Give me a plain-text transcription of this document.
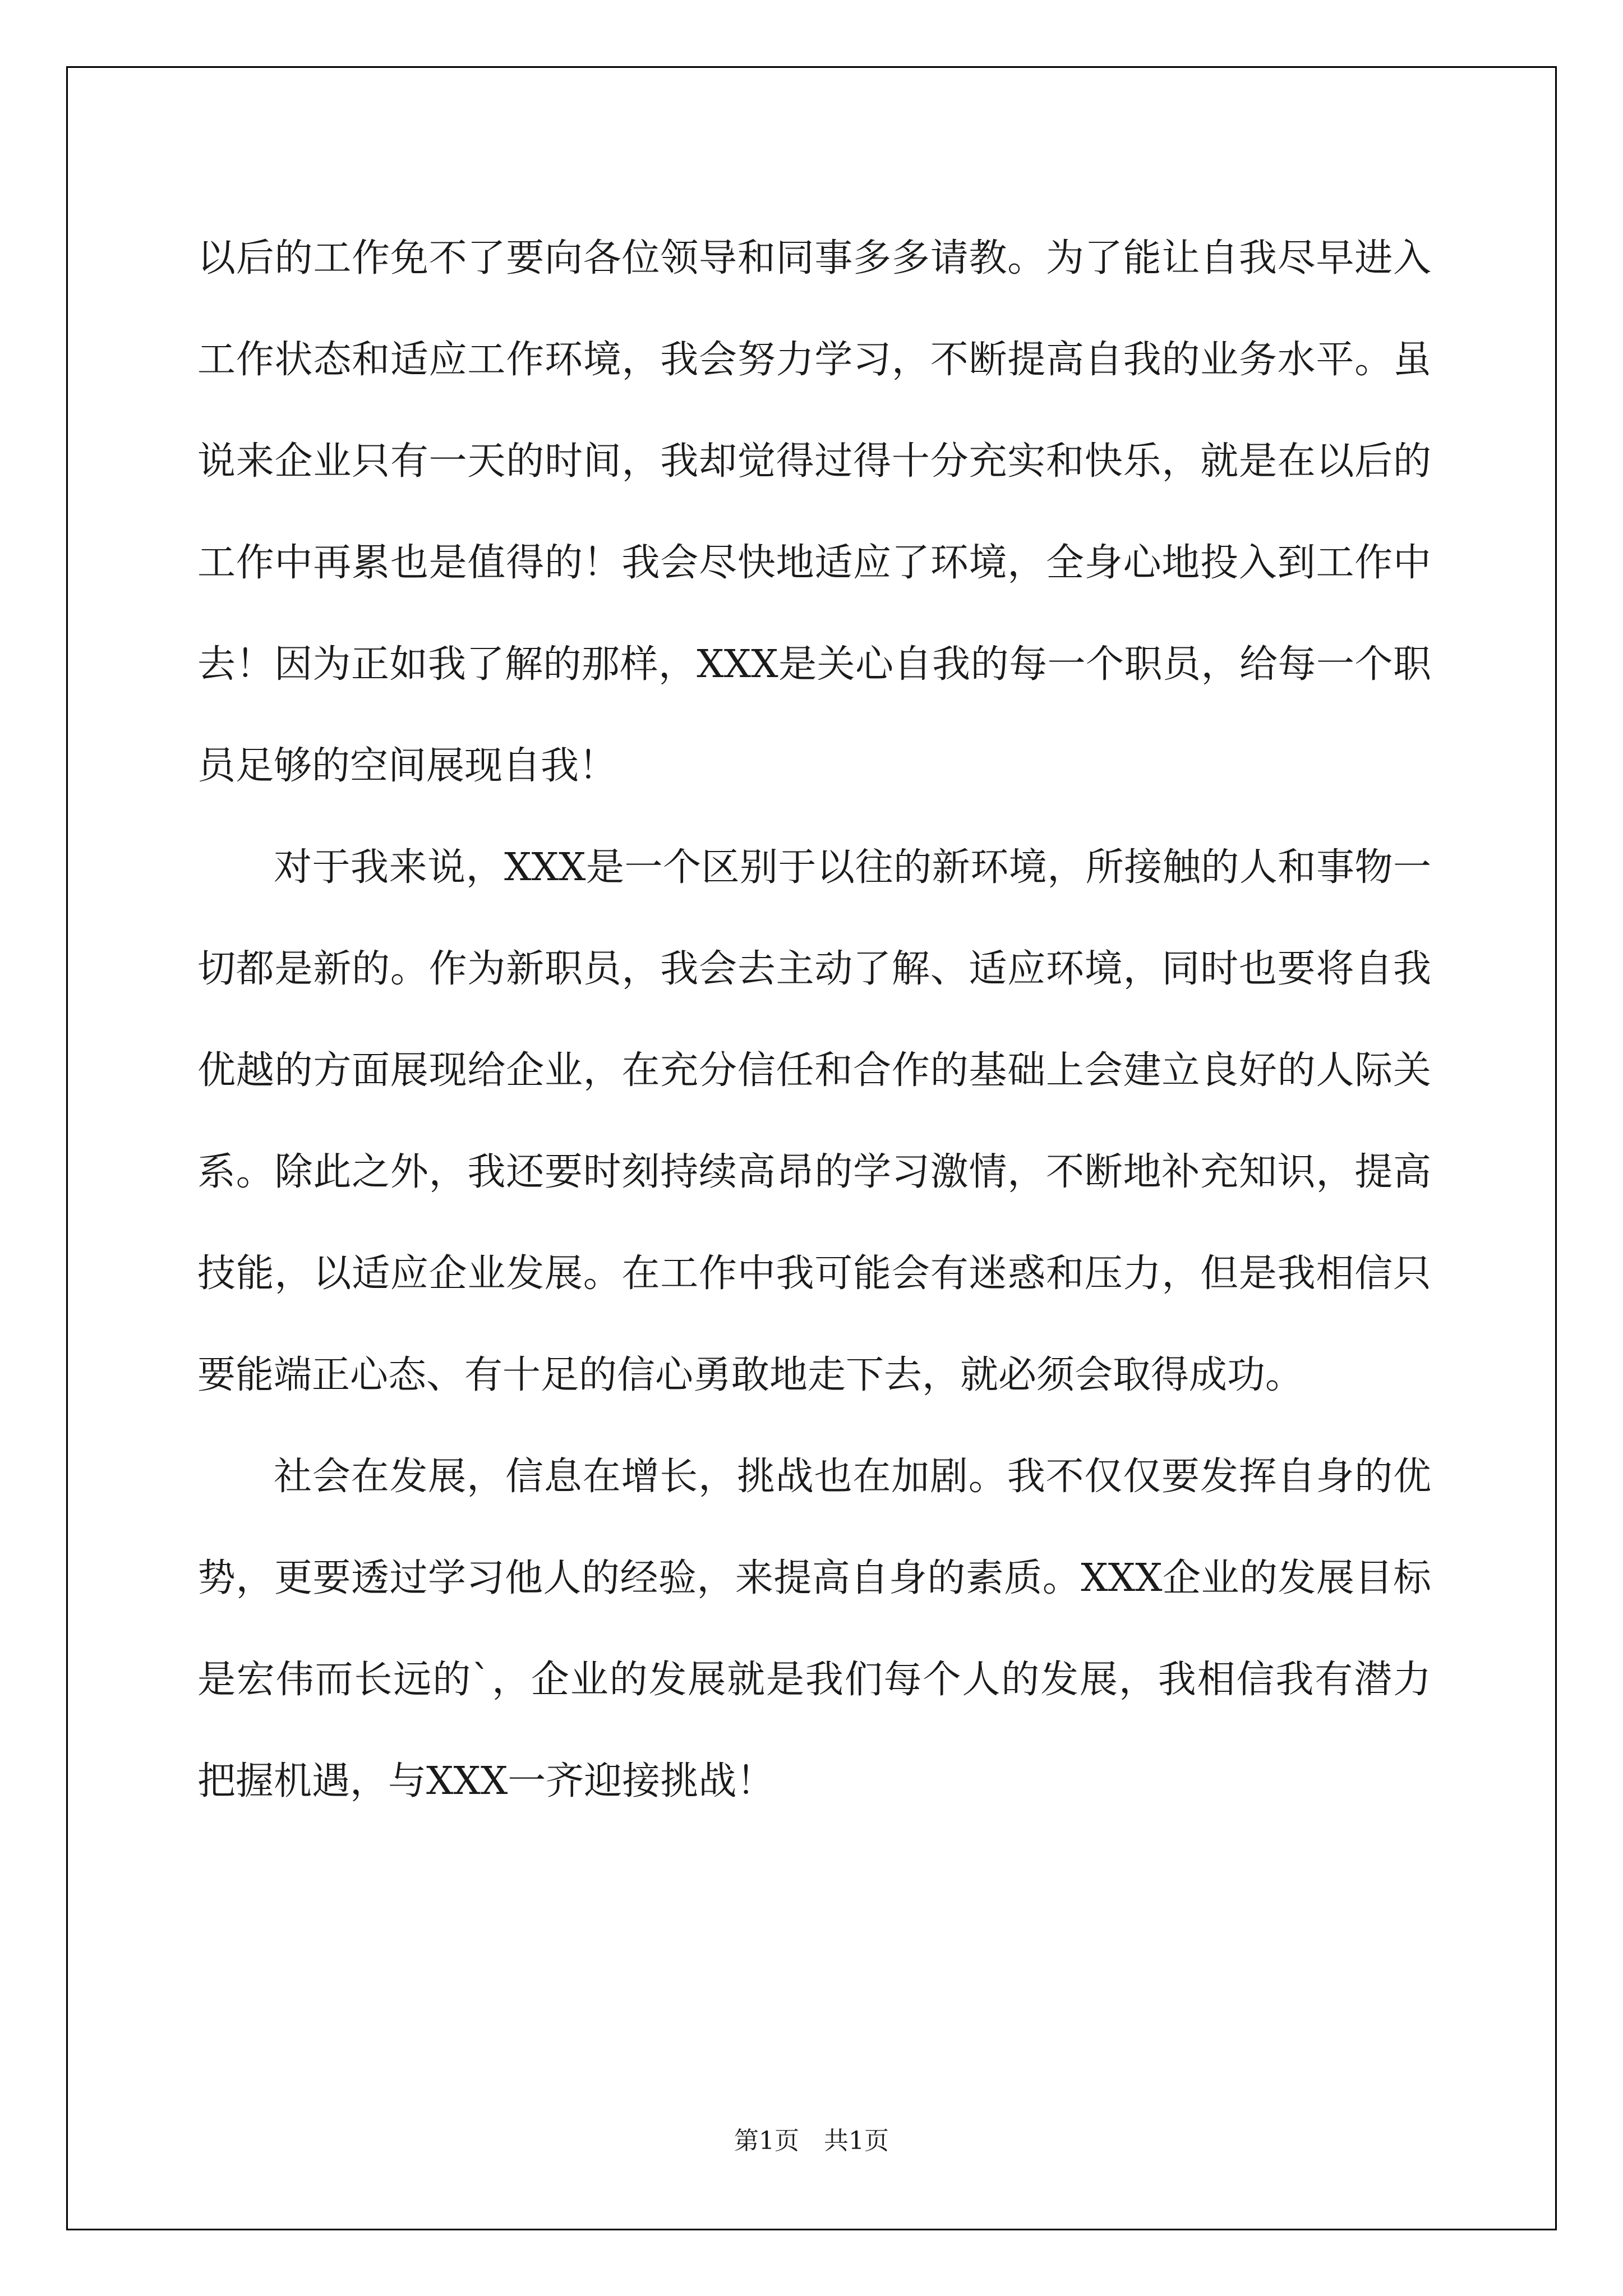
以后的工作免不了要向各位领导和同事多多请教。为了能让自我尽早进入工作状态和适应工作环境，我会努力学习，不断提高自我的业务水平。虽说来企业只有一天的时间，我却觉得过得十分充实和快乐，就是在以后的工作中再累也是值得的！我会尽快地适应了环境，全身心地投入到工作中去！因为正如我了解的那样，XXX是关心自我的每一个职员，给每一个职员足够的空间展现自我！

对于我来说，XXX是一个区别于以往的新环境，所接触的人和事物一切都是新的。作为新职员，我会去主动了解、适应环境，同时也要将自我优越的方面展现给企业，在充分信任和合作的基础上会建立良好的人际关系。除此之外，我还要时刻持续高昂的学习激情，不断地补充知识，提高技能，以适应企业发展。在工作中我可能会有迷惑和压力，但是我相信只要能端正心态、有十足的信心勇敢地走下去，就必须会取得成功。

社会在发展，信息在增长，挑战也在加剧。我不仅仅要发挥自身的优势，更要透过学习他人的经验，来提高自身的素质。XXX企业的发展目标是宏伟而长远的`，企业的发展就是我们每个人的发展，我相信我有潜力把握机遇，与XXX一齐迎接挑战！

第1页　共1页
